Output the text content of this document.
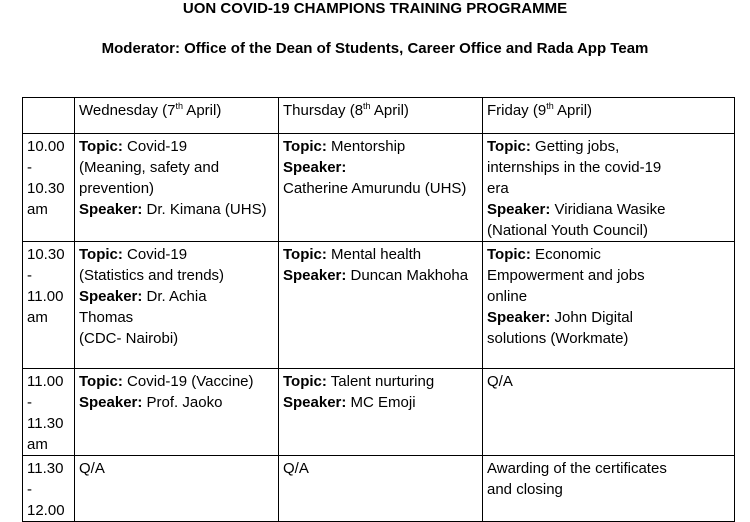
UON COVID-19 CHAMPIONS TRAINING PROGRAMME
Moderator: Office of the Dean of Students, Career Office and Rada App Team
	Wednesday (7th April)	Thursday (8th April)	Friday (9th April)

10.00
-
10.30
am	Topic: Covid-19
(Meaning, safety and
prevention)
Speaker: Dr. Kimana (UHS)	Topic: Mentorship
Speaker:
Catherine Amurundu (UHS)	Topic: Getting jobs,
internships in the covid-19
era
Speaker: Viridiana Wasike
(National Youth Council)

10.30
-
11.00
am	Topic: Covid-19
(Statistics and trends)
Speaker: Dr. Achia
Thomas
(CDC- Nairobi)	Topic: Mental health
Speaker: Duncan Makhoha	Topic: Economic
Empowerment and jobs
online
Speaker: John Digital
solutions (Workmate)

11.00
-
11.30
am	Topic: Covid-19 (Vaccine)
Speaker: Prof. Jaoko	Topic: Talent nurturing
Speaker: MC Emoji	Q/A

11.30
-
12.00	Q/A	Q/A	Awarding of the certificates
and closing
